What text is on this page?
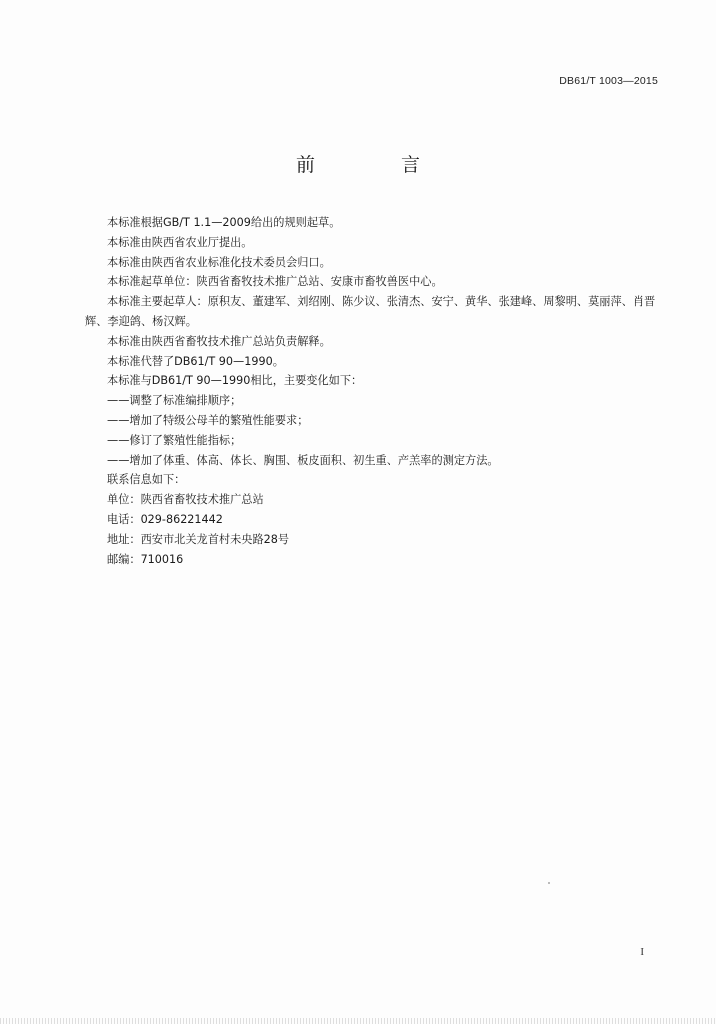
DB61/T 1003—2015
前 言

本标准根据GB/T 1.1—2009给出的规则起草。

本标准由陕西省农业厅提出。

本标准由陕西省农业标准化技术委员会归口。

本标准起草单位：陕西省畜牧技术推广总站、安康市畜牧兽医中心。

本标准主要起草人：原积友、董建军、刘绍刚、陈少议、张清杰、安宁、黄华、张建峰、周黎明、莫丽萍、肖晋辉、李迎鸽、杨汉辉。

本标准由陕西省畜牧技术推广总站负责解释。

本标准代替了DB61/T 90—1990。

本标准与DB61/T 90—1990相比，主要变化如下：

——调整了标准编排顺序；

——增加了特级公母羊的繁殖性能要求；

——修订了繁殖性能指标；

——增加了体重、体高、体长、胸围、板皮面积、初生重、产羔率的测定方法。

联系信息如下：

单位：陕西省畜牧技术推广总站

电话：029-86221442

地址：西安市北关龙首村未央路28号

邮编：710016

I
